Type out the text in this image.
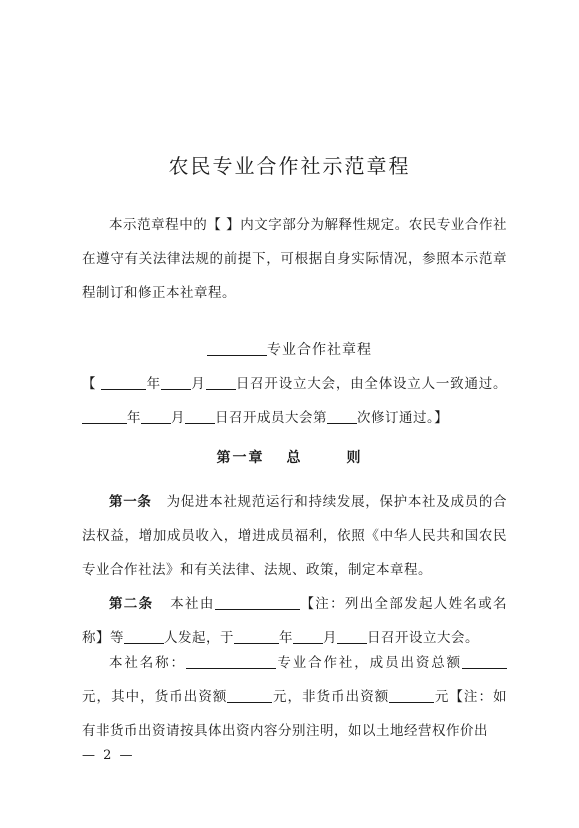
农民专业合作社示范章程
本示范章程中的【 】内文字部分为解释性规定。农民专业合作社在遵守有关法律法规的前提下，可根据自身实际情况，参照本示范章程制订和修正本社章程。
专业合作社章程
【	年 月 日召开设立大会，由全体设立人一致通过。年 月 日召开成员大会第 次修订通过。】
第一章 总	则
第一条 为促进本社规范运行和持续发展，保护本社及成员的合法权益，增加成员收入，增进成员福利，依照《中华人民共和国农民专业合作社法》和有关法律、法规、政策，制定本章程。
第二条 本社由	【注：列出全部发起人姓名或名称】等	人发起，于	年 月 日召开设立大会。
本社名称：	专业合作社，成员出资总额元，其中，货币出资额	元，非货币出资额	元【注：如有非货币出资请按具体出资内容分别注明，如以土地经营权作价出
— 2 —
